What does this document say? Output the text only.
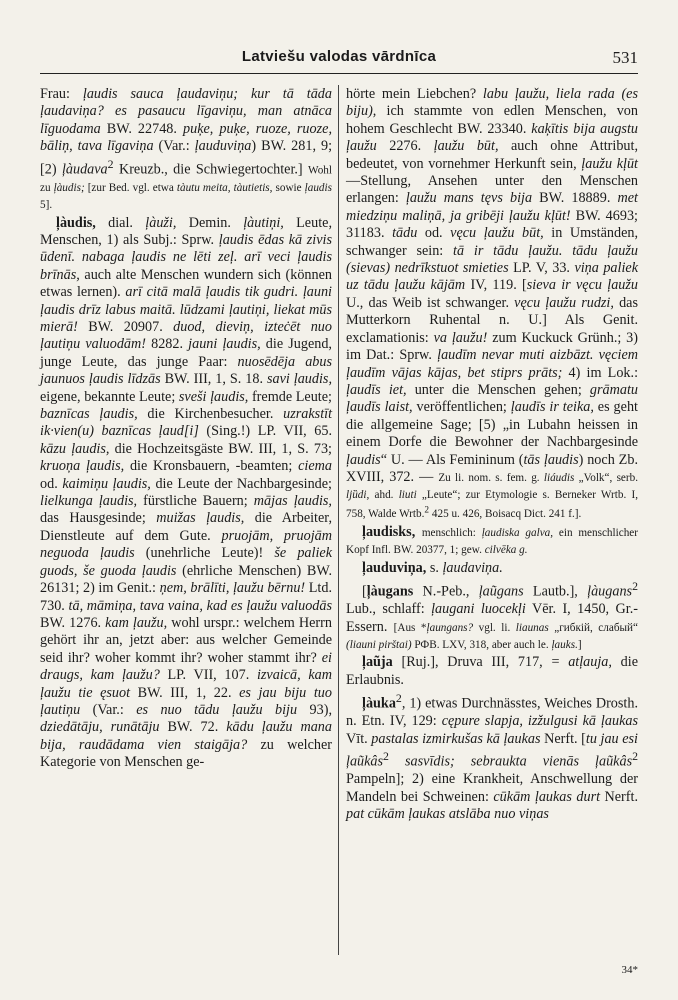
Latviešu valodas vārdnīca	531

Frau: ļaudis sauca ļaudaviņu; kur tā tāda ļaudaviņa? es pasaucu līgaviņu, man atnāca līguodama BW. 22748. puķe, puķe, ruoze, ruoze, bāliņ, tava līgaviņa (Var.: ļauduviņa) BW. 281, 9; [2) ļàudava$^2$ Kreuzb., die Schwiegertochter.] Wohl zu ļàudis; [zur Bed. vgl. etwa tàutu meita, tàutietis, sowie ļaudis 5].

ļàudis, dial. ļàuži, Demin. ļàutiņi, Leute, Menschen, 1) als Subj.: Sprw. ļaudis ēdas kā zivis ūdenī. nabaga ļaudis ne lēti zeļ. arī veci ļaudis brīnās, auch alte Menschen wundern sich (können etwas lernen). arī citā malā ļaudis tik gudri. ļauni ļaudis drīz labus maitā. lūdzami ļautiņi, liekat mūs mierā! BW. 20907. duod, dieviņ, izteċēt nuo ļautiņu valuodām! 8282. jauni ļaudis, die Jugend, junge Leute, das junge Paar: nuosēdēja abus jaunuos ļaudis līdzās BW. III, 1, S. 18. savi ļaudis, eigene, bekannte Leute; sveši ļaudis, fremde Leute; baznīcas ļaudis, die Kirchenbesucher. uzrakstīt ik·vien(u) baznīcas ļaud[i] (Sing.!) LP. VII, 65. kāzu ļaudis, die Hochzeitsgäste BW. III, 1, S. 73; kruoņa ļaudis, die Kronsbauern, -beamten; ciema od. kaimiņu ļaudis, die Leute der Nachbargesinde; lielkunga ļaudis, fürstliche Bauern; mājas ļaudis, das Hausgesinde; muižas ļaudis, die Arbeiter, Dienstleute auf dem Gute. pruojām, pruojām neguoda ļaudis (unehrliche Leute)! še paliek guods, še guoda ļaudis (ehrliche Menschen) BW. 26131; 2) im Genit.: ņem, brālīti, ļaužu bērnu! Ltd. 730. tā, māmiņa, tava vaina, kad es ļaužu valuodās BW. 1276. kam ļaužu, wohl urspr.: welchem Herrn gehört ihr an, jetzt aber: aus welcher Gemeinde seid ihr? woher kommt ihr? woher stammt ihr? ei draugs, kam ļaužu? LP. VII, 107. izvaicā, kam ļaužu tie ęsuot BW. III, 1, 22. es jau biju tuo ļautiņu (Var.: es nuo tādu ļaužu biju 93), dziedātāju, runātāju BW. 72. kādu ļaužu mana bija, raudādama vien staigāja? zu welcher Kategorie von Menschen ge-

hörte mein Liebchen? labu ļaužu, liela rada (es biju), ich stammte von edlen Menschen, von hohem Geschlecht BW. 23340. kaķītis bija augstu ļaužu 2276. ļaužu būt, auch ohne Attribut, bedeutet, von vornehmer Herkunft sein, ļaužu kļūt—Stellung, Ansehen unter den Menschen erlangen: ļaužu mans tęvs bija BW. 18889. met miedziņu maliņā, ja gribēji ļaužu kļūt! BW. 4693; 31183. tādu od. vęcu ļaužu būt, in Umständen, schwanger sein: tā ir tādu ļaužu. tādu ļaužu (sievas) nedrīkstuot smieties LP. V, 33. viņa paliek uz tādu ļaužu kājām IV, 119. [sieva ir vęcu ļaužu U., das Weib ist schwanger. vęcu ļaužu rudzi, das Mutterkorn Ruhental n. U.] Als Genit. exclamationis: va ļaužu! zum Kuckuck Grünh.; 3) im Dat.: Sprw. ļaudīm nevar muti aizbāzt. vęciem ļaudīm vājas kājas, bet stiprs prāts; 4) im Lok.: ļaudīs iet, unter die Menschen gehen; grāmatu ļaudīs laist, veröffentlichen; ļaudīs ir teika, es geht die allgemeine Sage; [5) „in Lubahn heissen in einem Dorfe die Bewohner der Nachbargesinde ļaudis“ U. — Als Femininum (tās ļaudis) noch Zb. XVIII, 372. — Zu li. nom. s. fem. g. liáudis „Volk“, serb. ljȕdi, ahd. liuti „Leute“; zur Etymologie s. Berneker Wrtb. I, 758, Walde Wrtb.$^2$ 425 u. 426, Boisacq Dict. 241 f.].

ļaudisks, menschlich: ļaudiska galva, ein menschlicher Kopf Infl. BW. 20377, 1; gew. cilvēka g.

ļauduviņa, s. ļaudaviņa.

[ļàugans N.-Peb., ļaũgans Lautb.], ļàugans$^2$ Lub., schlaff: ļaugani luocekļi Vēr. I, 1450, Gr.-Essern. [Aus *ļaungans? vgl. li. liaunas „гибкій, слабый“ (liauni pirštai) РФВ. LXV, 318, aber auch le. ļauks.]

ļaũja [Ruj.], Druva III, 717, = atļauja, die Erlaubnis.

ļàuka$^2$, 1) etwas Durchnässtes, Weiches Drosth. n. Etn. IV, 129: cępure slapja, izžulgusi kā ļaukas Vīt. pastalas izmirkušas kā ļaukas Nerft. [tu jau esi ļaũkâs$^2$ sasvīdis; sebraukta vienās ļaũkâs$^2$ Pampeln]; 2) eine Krankheit, Anschwellung der Mandeln bei Schweinen: cūkām ļaukas durt Nerft. pat cūkām ļaukas atslāba nuo viņas

34*
